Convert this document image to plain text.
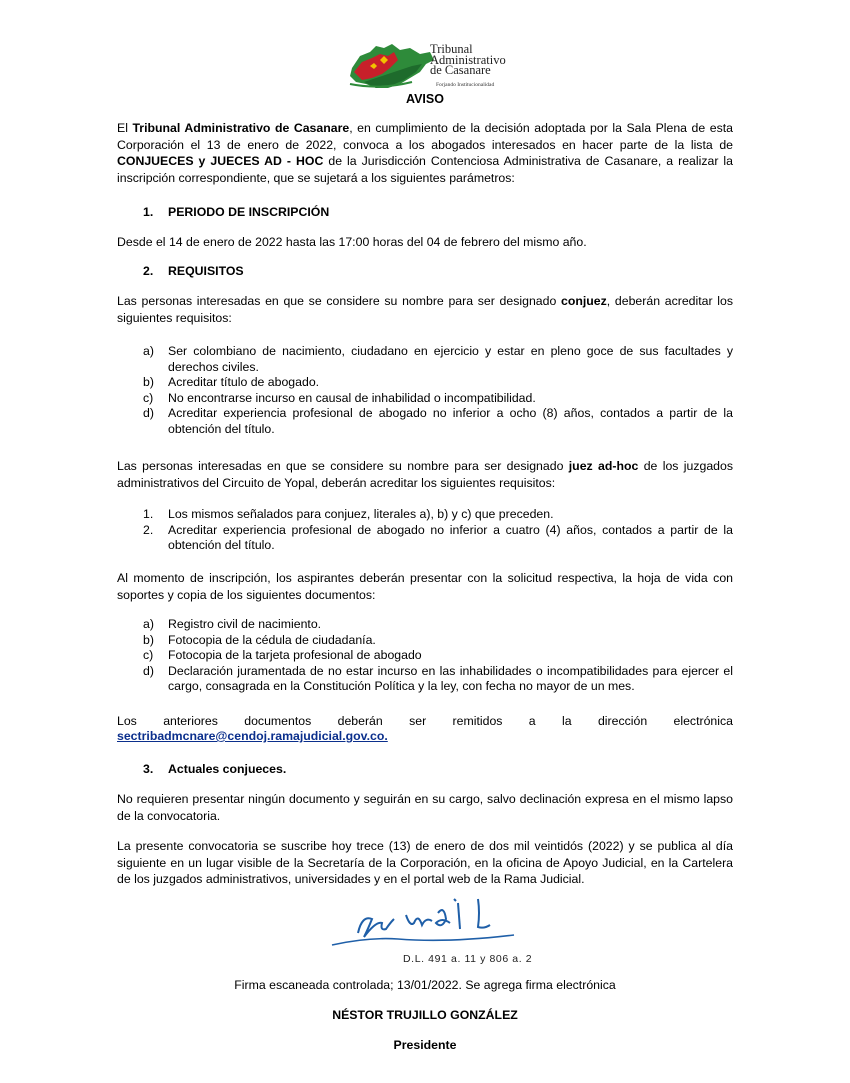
Tribunal
Administrativo
de Casanare
Forjando Institucionalidad
AVISO
El Tribunal Administrativo de Casanare, en cumplimiento de la decisión adoptada por la Sala Plena de esta Corporación el 13 de enero de 2022, convoca a los abogados interesados en hacer parte de la lista de CONJUECES y JUECES AD - HOC de la Jurisdicción Contenciosa Administrativa de Casanare, a realizar la inscripción correspondiente, que se sujetará a los siguientes parámetros:
1. PERIODO DE INSCRIPCIÓN
Desde el 14 de enero de 2022 hasta las 17:00 horas del 04 de febrero del mismo año.
2. REQUISITOS
Las personas interesadas en que se considere su nombre para ser designado conjuez, deberán acreditar los siguientes requisitos:
a)	Ser colombiano de nacimiento, ciudadano en ejercicio y estar en pleno goce de sus facultades y derechos civiles.
b)	Acreditar título de abogado.
c)	No encontrarse incurso en causal de inhabilidad o incompatibilidad.
d)	Acreditar experiencia profesional de abogado no inferior a ocho (8) años, contados a partir de la obtención del título.
Las personas interesadas en que se considere su nombre para ser designado juez ad-hoc de los juzgados administrativos del Circuito de Yopal, deberán acreditar los siguientes requisitos:
1.	Los mismos señalados para conjuez, literales a), b) y c) que preceden.
2.	Acreditar experiencia profesional de abogado no inferior a cuatro (4) años, contados a partir de la obtención del título.
Al momento de inscripción, los aspirantes deberán presentar con la solicitud respectiva, la hoja de vida con soportes y copia de los siguientes documentos:
a)	Registro civil de nacimiento.
b)	Fotocopia de la cédula de ciudadanía.
c)	Fotocopia de la tarjeta profesional de abogado
d)	Declaración juramentada de no estar incurso en las inhabilidades o incompatibilidades para ejercer el cargo, consagrada en la Constitución Política y la ley, con fecha no mayor de un mes.
Los anteriores documentos deberán ser remitidos a la dirección electrónica
sectribadmcnare@cendoj.ramajudicial.gov.co.
3. Actuales conjueces.
No requieren presentar ningún documento y seguirán en su cargo, salvo declinación expresa en el mismo lapso de la convocatoria.
La presente convocatoria se suscribe hoy trece (13) de enero de dos mil veintidós (2022) y se publica al día siguiente en un lugar visible de la Secretaría de la Corporación, en la oficina de Apoyo Judicial, en la Cartelera de los juzgados administrativos, universidades y en el portal web de la Rama Judicial.
D.L. 491 a. 11 y 806 a. 2
Firma escaneada controlada; 13/01/2022. Se agrega firma electrónica
NÉSTOR TRUJILLO GONZÁLEZ
Presidente
